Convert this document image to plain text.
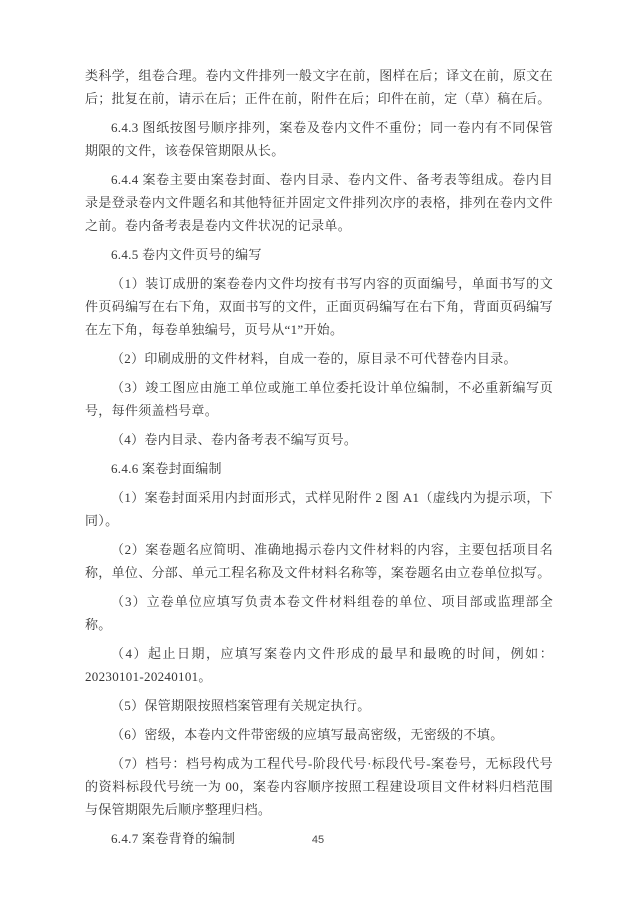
类科学，组卷合理。卷内文件排列一般文字在前，图样在后；译文在前，原文在后；批复在前，请示在后；正件在前，附件在后；印件在前，定（草）稿在后。

6.4.3 图纸按图号顺序排列，案卷及卷内文件不重份；同一卷内有不同保管期限的文件，该卷保管期限从长。

6.4.4 案卷主要由案卷封面、卷内目录、卷内文件、备考表等组成。卷内目录是登录卷内文件题名和其他特征并固定文件排列次序的表格，排列在卷内文件之前。卷内备考表是卷内文件状况的记录单。

6.4.5 卷内文件页号的编写

（1）装订成册的案卷卷内文件均按有书写内容的页面编号，单面书写的文件页码编写在右下角，双面书写的文件，正面页码编写在右下角，背面页码编写在左下角，每卷单独编号，页号从“1”开始。

（2）印刷成册的文件材料，自成一卷的，原目录不可代替卷内目录。

（3）竣工图应由施工单位或施工单位委托设计单位编制，不必重新编写页号，每件须盖档号章。

（4）卷内目录、卷内备考表不编写页号。

6.4.6 案卷封面编制

（1）案卷封面采用内封面形式，式样见附件 2 图 A1（虚线内为提示项，下同）。

（2）案卷题名应简明、准确地揭示卷内文件材料的内容，主要包括项目名称，单位、分部、单元工程名称及文件材料名称等，案卷题名由立卷单位拟写。

（3）立卷单位应填写负责本卷文件材料组卷的单位、项目部或监理部全称。

（4）起止日期，应填写案卷内文件形成的最早和最晚的时间，例如：20230101-20240101。

（5）保管期限按照档案管理有关规定执行。

（6）密级，本卷内文件带密级的应填写最高密级，无密级的不填。

（7）档号：档号构成为工程代号-阶段代号·标段代号-案卷号，无标段代号的资料标段代号统一为 00，案卷内容顺序按照工程建设项目文件材料归档范围与保管期限先后顺序整理归档。

6.4.7 案卷背脊的编制	45
